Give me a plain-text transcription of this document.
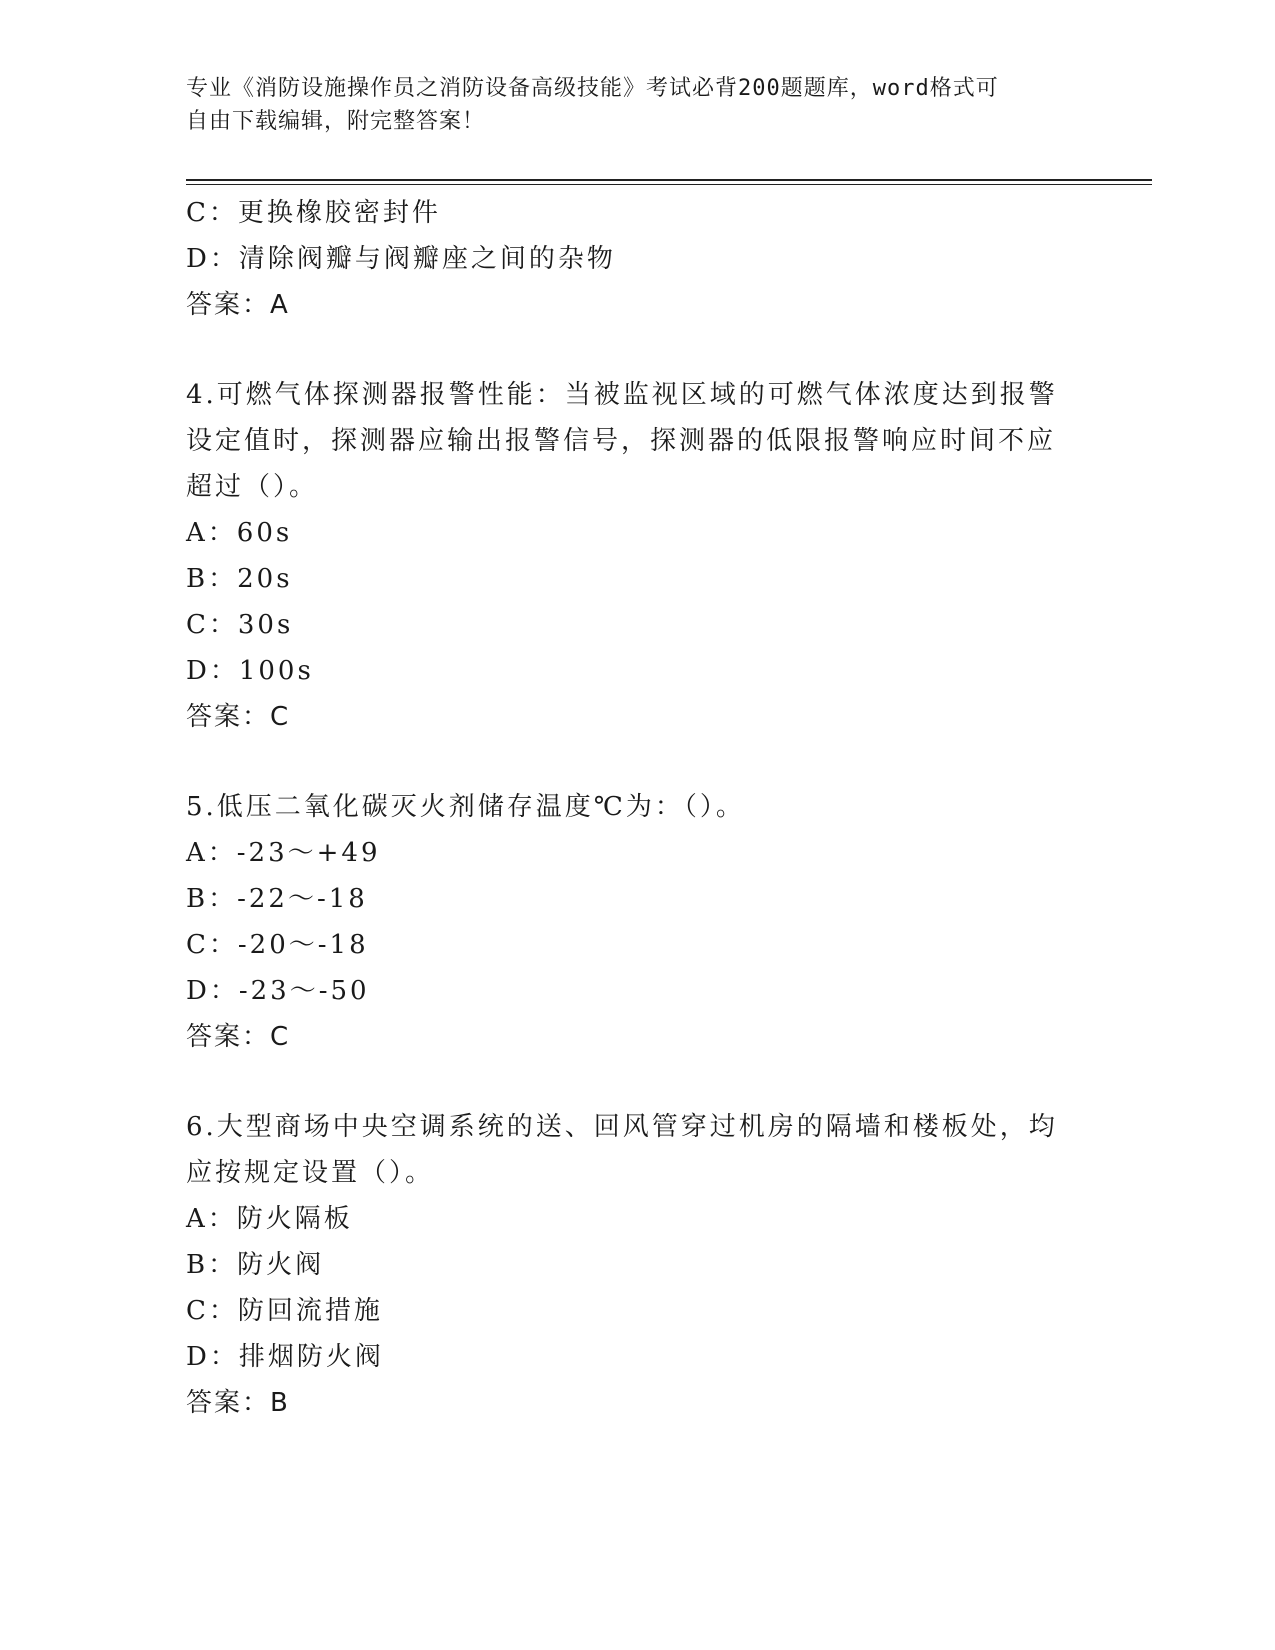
专业《消防设施操作员之消防设备高级技能》考试必背200题题库，word格式可
自由下载编辑，附完整答案！
C：更换橡胶密封件
D：清除阀瓣与阀瓣座之间的杂物
答案：A
4.可燃气体探测器报警性能：当被监视区域的可燃气体浓度达到报警
设定值时，探测器应输出报警信号，探测器的低限报警响应时间不应
超过（）。
A：60s
B：20s
C：30s
D：100s
答案：C
5.低压二氧化碳灭火剂储存温度℃为：（）。
A：-23～+49
B：-22～-18
C：-20～-18
D：-23～-50
答案：C
6.大型商场中央空调系统的送、回风管穿过机房的隔墙和楼板处，均
应按规定设置（）。
A：防火隔板
B：防火阀
C：防回流措施
D：排烟防火阀
答案：B
